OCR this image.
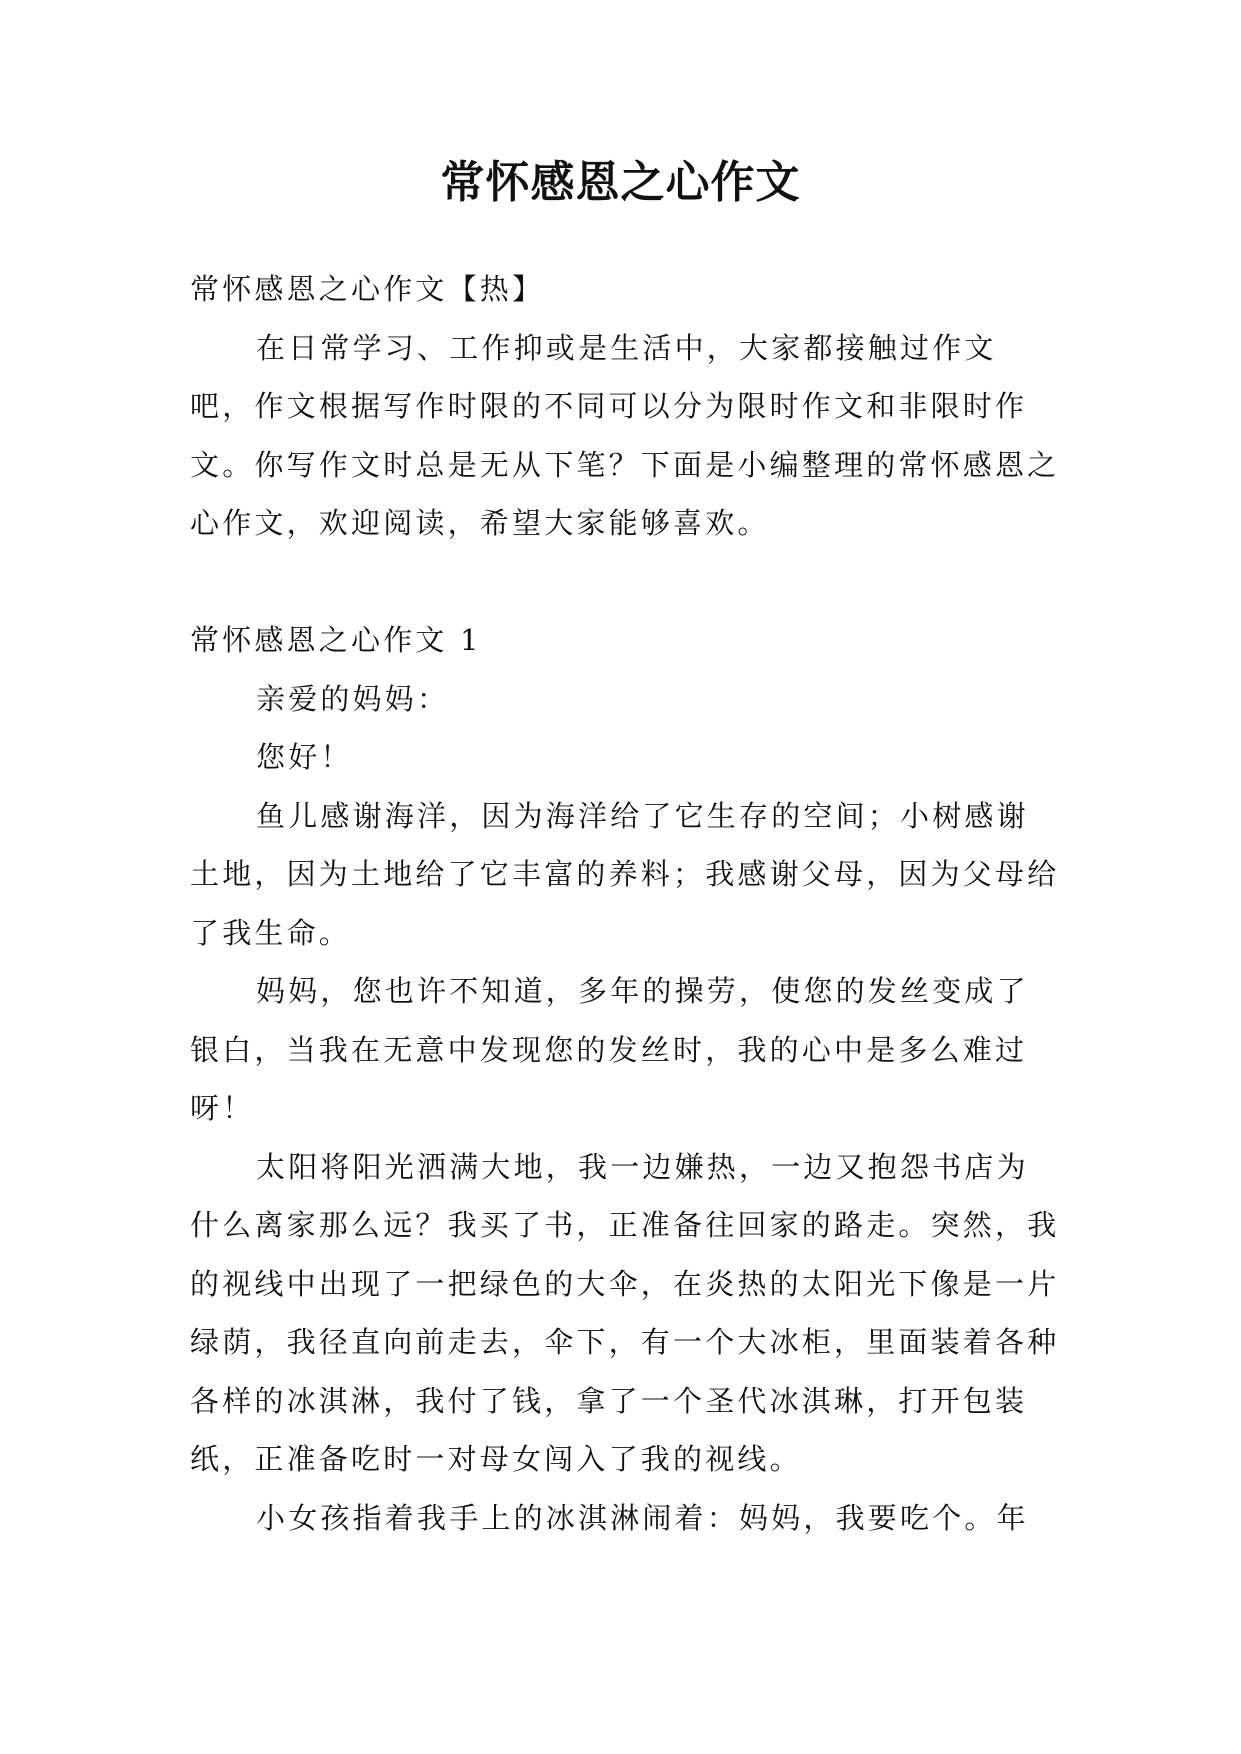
常怀感恩之心作文

常怀感恩之心作文【热】

在日常学习、工作抑或是生活中，大家都接触过作文吧，作文根据写作时限的不同可以分为限时作文和非限时作文。你写作文时总是无从下笔？下面是小编整理的常怀感恩之心作文，欢迎阅读，希望大家能够喜欢。

常怀感恩之心作文 1

亲爱的妈妈：

您好！

鱼儿感谢海洋，因为海洋给了它生存的空间；小树感谢土地，因为土地给了它丰富的养料；我感谢父母，因为父母给了我生命。

妈妈，您也许不知道，多年的操劳，使您的发丝变成了银白，当我在无意中发现您的发丝时，我的心中是多么难过呀！

太阳将阳光洒满大地，我一边嫌热，一边又抱怨书店为什么离家那么远？我买了书，正准备往回家的路走。突然，我的视线中出现了一把绿色的大伞，在炎热的太阳光下像是一片绿荫，我径直向前走去，伞下，有一个大冰柜，里面装着各种各样的冰淇淋，我付了钱，拿了一个圣代冰淇琳，打开包装纸，正准备吃时一对母女闯入了我的视线。

小女孩指着我手上的冰淇淋闹着：妈妈，我要吃个。年
